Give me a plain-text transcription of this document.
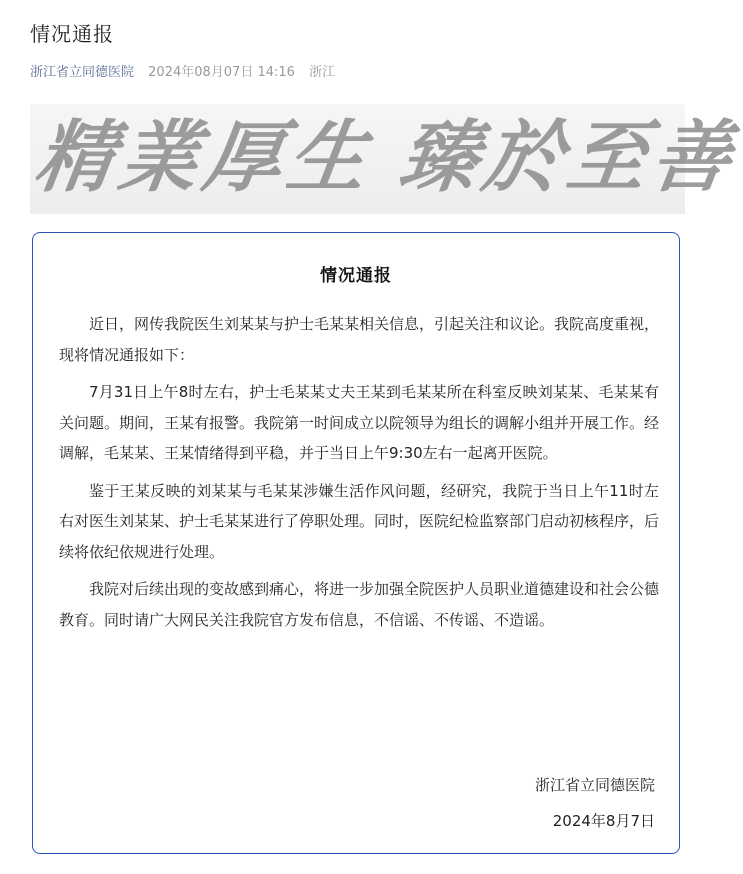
情况通报
浙江省立同德医院 2024年08月07日 14:16 浙江
精業厚生 臻於至善
情况通报

近日，网传我院医生刘某某与护士毛某某相关信息，引起关注和议论。我院高度重视，现将情况通报如下：

7月31日上午8时左右，护士毛某某丈夫王某到毛某某所在科室反映刘某某、毛某某有关问题。期间，王某有报警。我院第一时间成立以院领导为组长的调解小组并开展工作。经调解，毛某某、王某情绪得到平稳，并于当日上午9:30左右一起离开医院。

鉴于王某反映的刘某某与毛某某涉嫌生活作风问题，经研究，我院于当日上午11时左右对医生刘某某、护士毛某某进行了停职处理。同时，医院纪检监察部门启动初核程序，后续将依纪依规进行处理。

我院对后续出现的变故感到痛心，将进一步加强全院医护人员职业道德建设和社会公德教育。同时请广大网民关注我院官方发布信息，不信谣、不传谣、不造谣。

浙江省立同德医院
2024年8月7日
